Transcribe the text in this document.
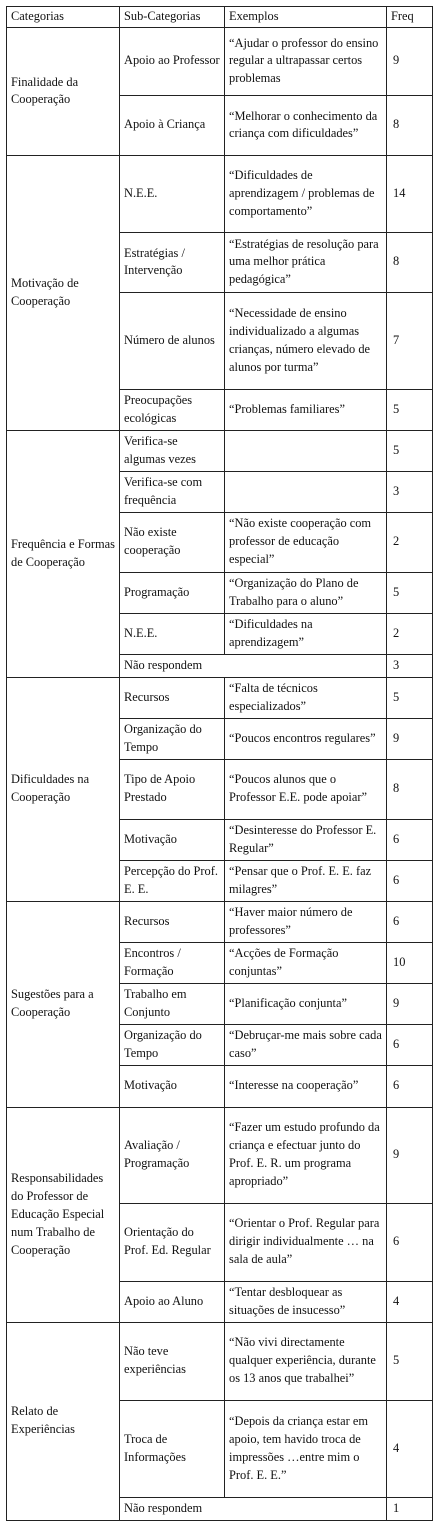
Categorias	Sub-Categorias	Exemplos	Freq
Finalidade da Cooperação	Apoio ao Professor	“Ajudar o professor do ensino regular a ultrapassar certos problemas	9
	Apoio à Criança	“Melhorar o conhecimento da criança com dificuldades”	8
Motivação de Cooperação	N.E.E.	“Dificuldades de aprendizagem / problemas de comportamento”	14
	Estratégias / Intervenção	“Estratégias de resolução para uma melhor prática pedagógica”	8
	Número de alunos	“Necessidade de ensino individualizado a algumas crianças, número elevado de alunos por turma”	7
	Preocupações ecológicas	“Problemas familiares”	5
Frequência e Formas de Cooperação	Verifica-se algumas vezes		5
	Verifica-se com frequência		3
	Não existe cooperação	“Não existe cooperação com professor de educação especial”	2
	Programação	“Organização do Plano de Trabalho para o aluno”	5
	N.E.E.	“Dificuldades na aprendizagem”	2
	Não respondem		3
Dificuldades na Cooperação	Recursos	“Falta de técnicos especializados”	5
	Organização do Tempo	“Poucos encontros regulares”	9
	Tipo de Apoio Prestado	“Poucos alunos que o Professor E.E. pode apoiar”	8
	Motivação	“Desinteresse do Professor E. Regular”	6
	Percepção do Prof. E. E.	“Pensar que o Prof. E. E. faz milagres”	6
Sugestões para a Cooperação	Recursos	“Haver maior número de professores”	6
	Encontros / Formação	“Acções de Formação conjuntas”	10
	Trabalho em Conjunto	“Planificação conjunta”	9
	Organização do Tempo	“Debruçar-me mais sobre cada caso”	6
	Motivação	“Interesse na cooperação”	6
Responsabilidades do Professor de Educação Especial num Trabalho de Cooperação	Avaliação / Programação	“Fazer um estudo profundo da criança e efectuar junto do Prof. E. R. um programa apropriado”	9
	Orientação do Prof. Ed. Regular	“Orientar o Prof. Regular para dirigir individualmente … na sala de aula”	6
	Apoio ao Aluno	“Tentar desbloquear as situações de insucesso”	4
Relato de Experiências	Não teve experiências	“Não vivi directamente qualquer experiência, durante os 13 anos que trabalhei”	5
	Troca de Informações	“Depois da criança estar em apoio, tem havido troca de impressões …entre mim o Prof. E. E.”	4
	Não respondem		1
